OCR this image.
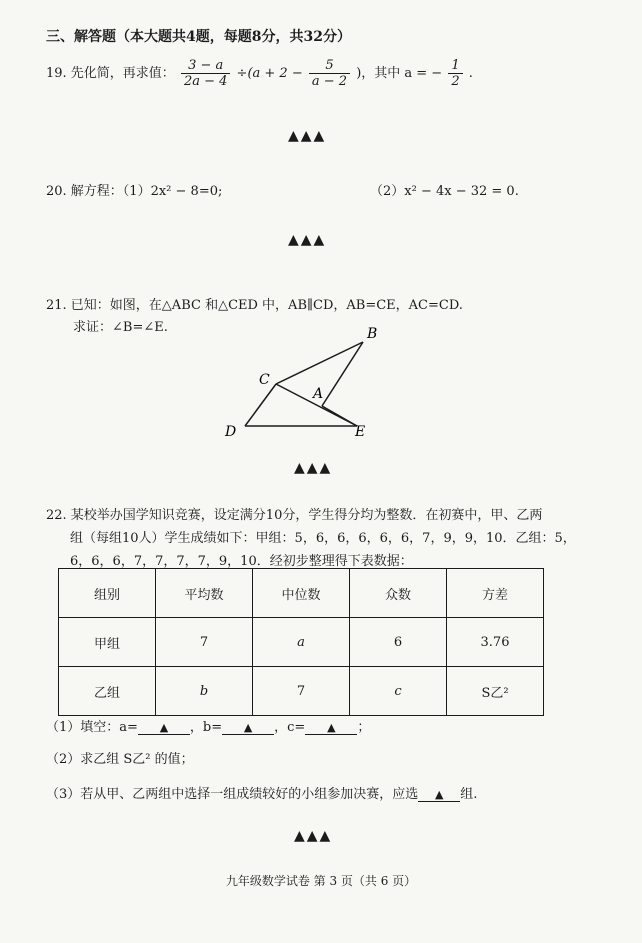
三、解答题（本大题共4题，每题8分，共32分）
19. 先化简，再求值： $\frac{3 - a}{2a - 4} \div(a + 2 - \frac{5}{a - 2}$ )，其中 a = − $\frac{1}{2}$ .
▲▲▲
20. 解方程：（1）2x² − 8=0;	（2）x² − 4x − 32 = 0.
▲▲▲
21. 已知：如图，在△ABC 和△CED 中，AB∥CD，AB=CE，AC=CD.
求证：∠B=∠E.	B
C
A
D	E
▲▲▲
22. 某校举办国学知识竞赛，设定满分10分，学生得分均为整数．在初赛中，甲、乙两
组（每组10人）学生成绩如下：甲组：5，6，6，6，6，6，7，9，9，10．乙组：5，
6，6，6，7，7，7，7，9，10．经初步整理得下表数据：
组别	平均数	中位数	众数	方差
甲组	7	a	6	3.76
乙组	b	7	c	S乙²
（1）填空：a= ▲ ，b= ▲ ，c= ▲ ；
（2）求乙组 S乙² 的值；
（3）若从甲、乙两组中选择一组成绩较好的小组参加决赛，应选 ▲ 组.
▲▲▲
九年级数学试卷 第 3 页（共 6 页）
